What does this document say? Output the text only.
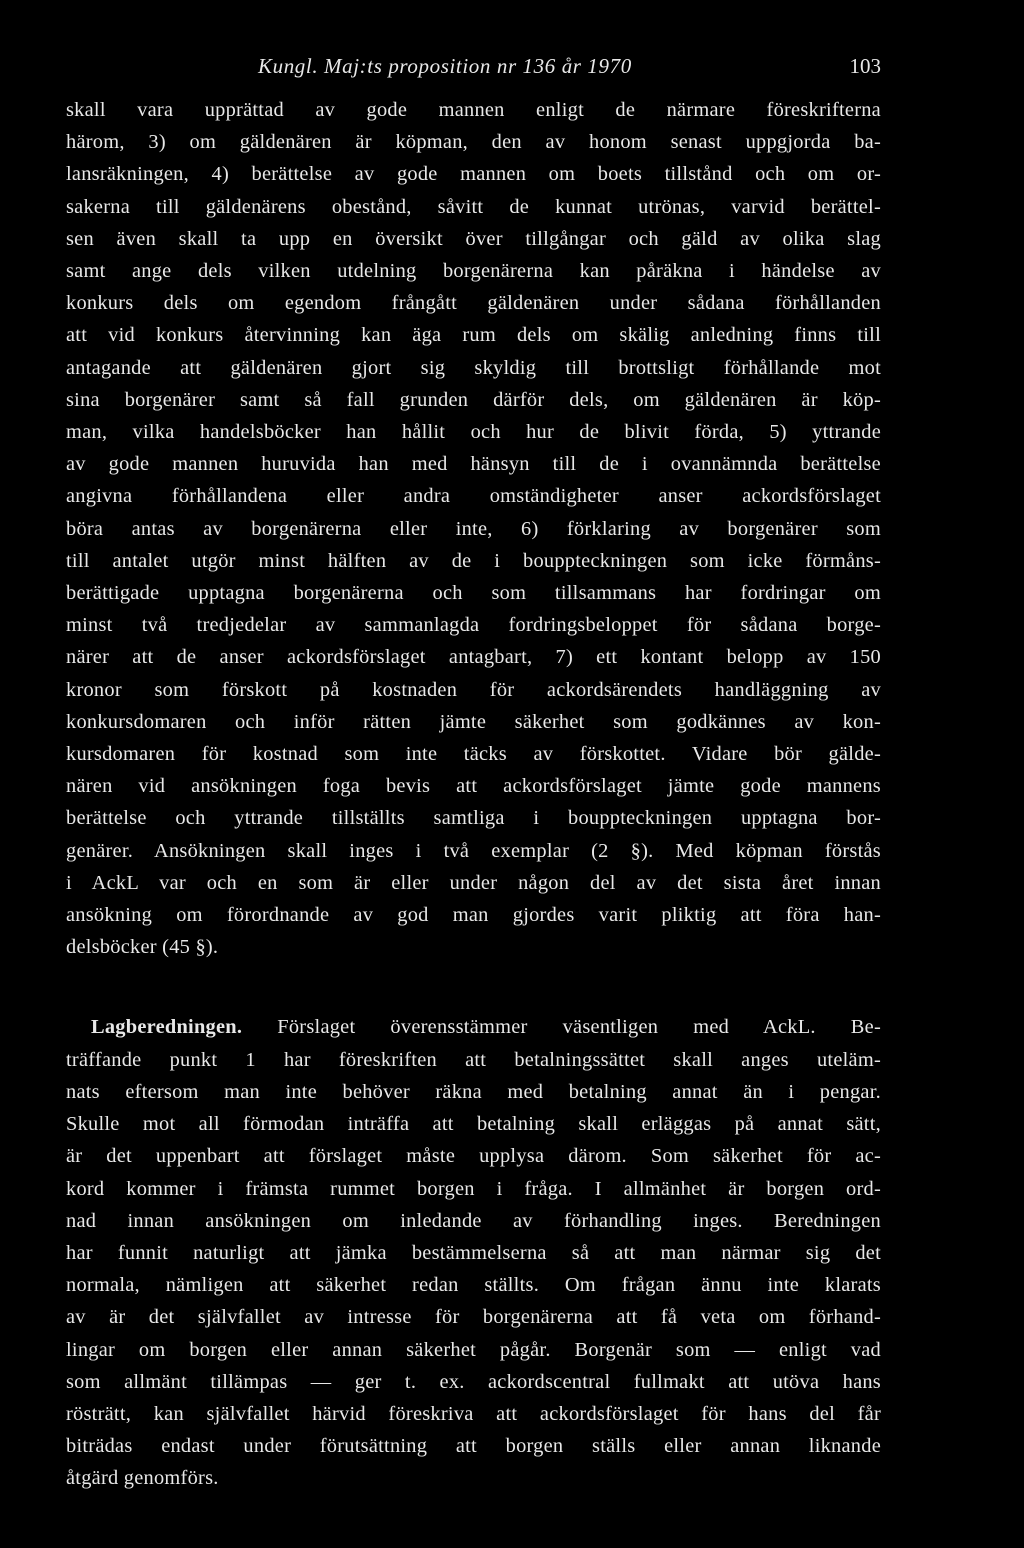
Kungl. Maj:ts proposition nr 136 år 1970	103
skall vara upprättad av gode mannen enligt de närmare föreskrifterna
härom, 3) om gäldenären är köpman, den av honom senast uppgjorda ba-
lansräkningen, 4) berättelse av gode mannen om boets tillstånd och om or-
sakerna till gäldenärens obestånd, såvitt de kunnat utrönas, varvid berättel-
sen även skall ta upp en översikt över tillgångar och gäld av olika slag
samt ange dels vilken utdelning borgenärerna kan påräkna i händelse av
konkurs dels om egendom frångått gäldenären under sådana förhållanden
att vid konkurs återvinning kan äga rum dels om skälig anledning finns till
antagande att gäldenären gjort sig skyldig till brottsligt förhållande mot
sina borgenärer samt så fall grunden därför dels, om gäldenären är köp-
man, vilka handelsböcker han hållit och hur de blivit förda, 5) yttrande
av gode mannen huruvida han med hänsyn till de i ovannämnda berättelse
angivna förhållandena eller andra omständigheter anser ackordsförslaget
böra antas av borgenärerna eller inte, 6) förklaring av borgenärer som
till antalet utgör minst hälften av de i bouppteckningen som icke förmåns-
berättigade upptagna borgenärerna och som tillsammans har fordringar om
minst två tredjedelar av sammanlagda fordringsbeloppet för sådana borge-
närer att de anser ackordsförslaget antagbart, 7) ett kontant belopp av 150
kronor som förskott på kostnaden för ackordsärendets handläggning av
konkursdomaren och inför rätten jämte säkerhet som godkännes av kon-
kursdomaren för kostnad som inte täcks av förskottet. Vidare bör gälde-
nären vid ansökningen foga bevis att ackordsförslaget jämte gode mannens
berättelse och yttrande tillställts samtliga i bouppteckningen upptagna bor-
genärer. Ansökningen skall inges i två exemplar (2 §). Med köpman förstås
i AckL var och en som är eller under någon del av det sista året innan
ansökning om förordnande av god man gjordes varit pliktig att föra han-
delsböcker (45 §).
Lagberedningen. Förslaget överensstämmer väsentligen med AckL. Be-
träffande punkt 1 har föreskriften att betalningssättet skall anges uteläm-
nats eftersom man inte behöver räkna med betalning annat än i pengar.
Skulle mot all förmodan inträffa att betalning skall erläggas på annat sätt,
är det uppenbart att förslaget måste upplysa därom. Som säkerhet för ac-
kord kommer i främsta rummet borgen i fråga. I allmänhet är borgen ord-
nad innan ansökningen om inledande av förhandling inges. Beredningen
har funnit naturligt att jämka bestämmelserna så att man närmar sig det
normala, nämligen att säkerhet redan ställts. Om frågan ännu inte klarats
av är det självfallet av intresse för borgenärerna att få veta om förhand-
lingar om borgen eller annan säkerhet pågår. Borgenär som — enligt vad
som allmänt tillämpas — ger t. ex. ackordscentral fullmakt att utöva hans
rösträtt, kan självfallet härvid föreskriva att ackordsförslaget för hans del får
biträdas endast under förutsättning att borgen ställs eller annan liknande
åtgärd genomförs.
